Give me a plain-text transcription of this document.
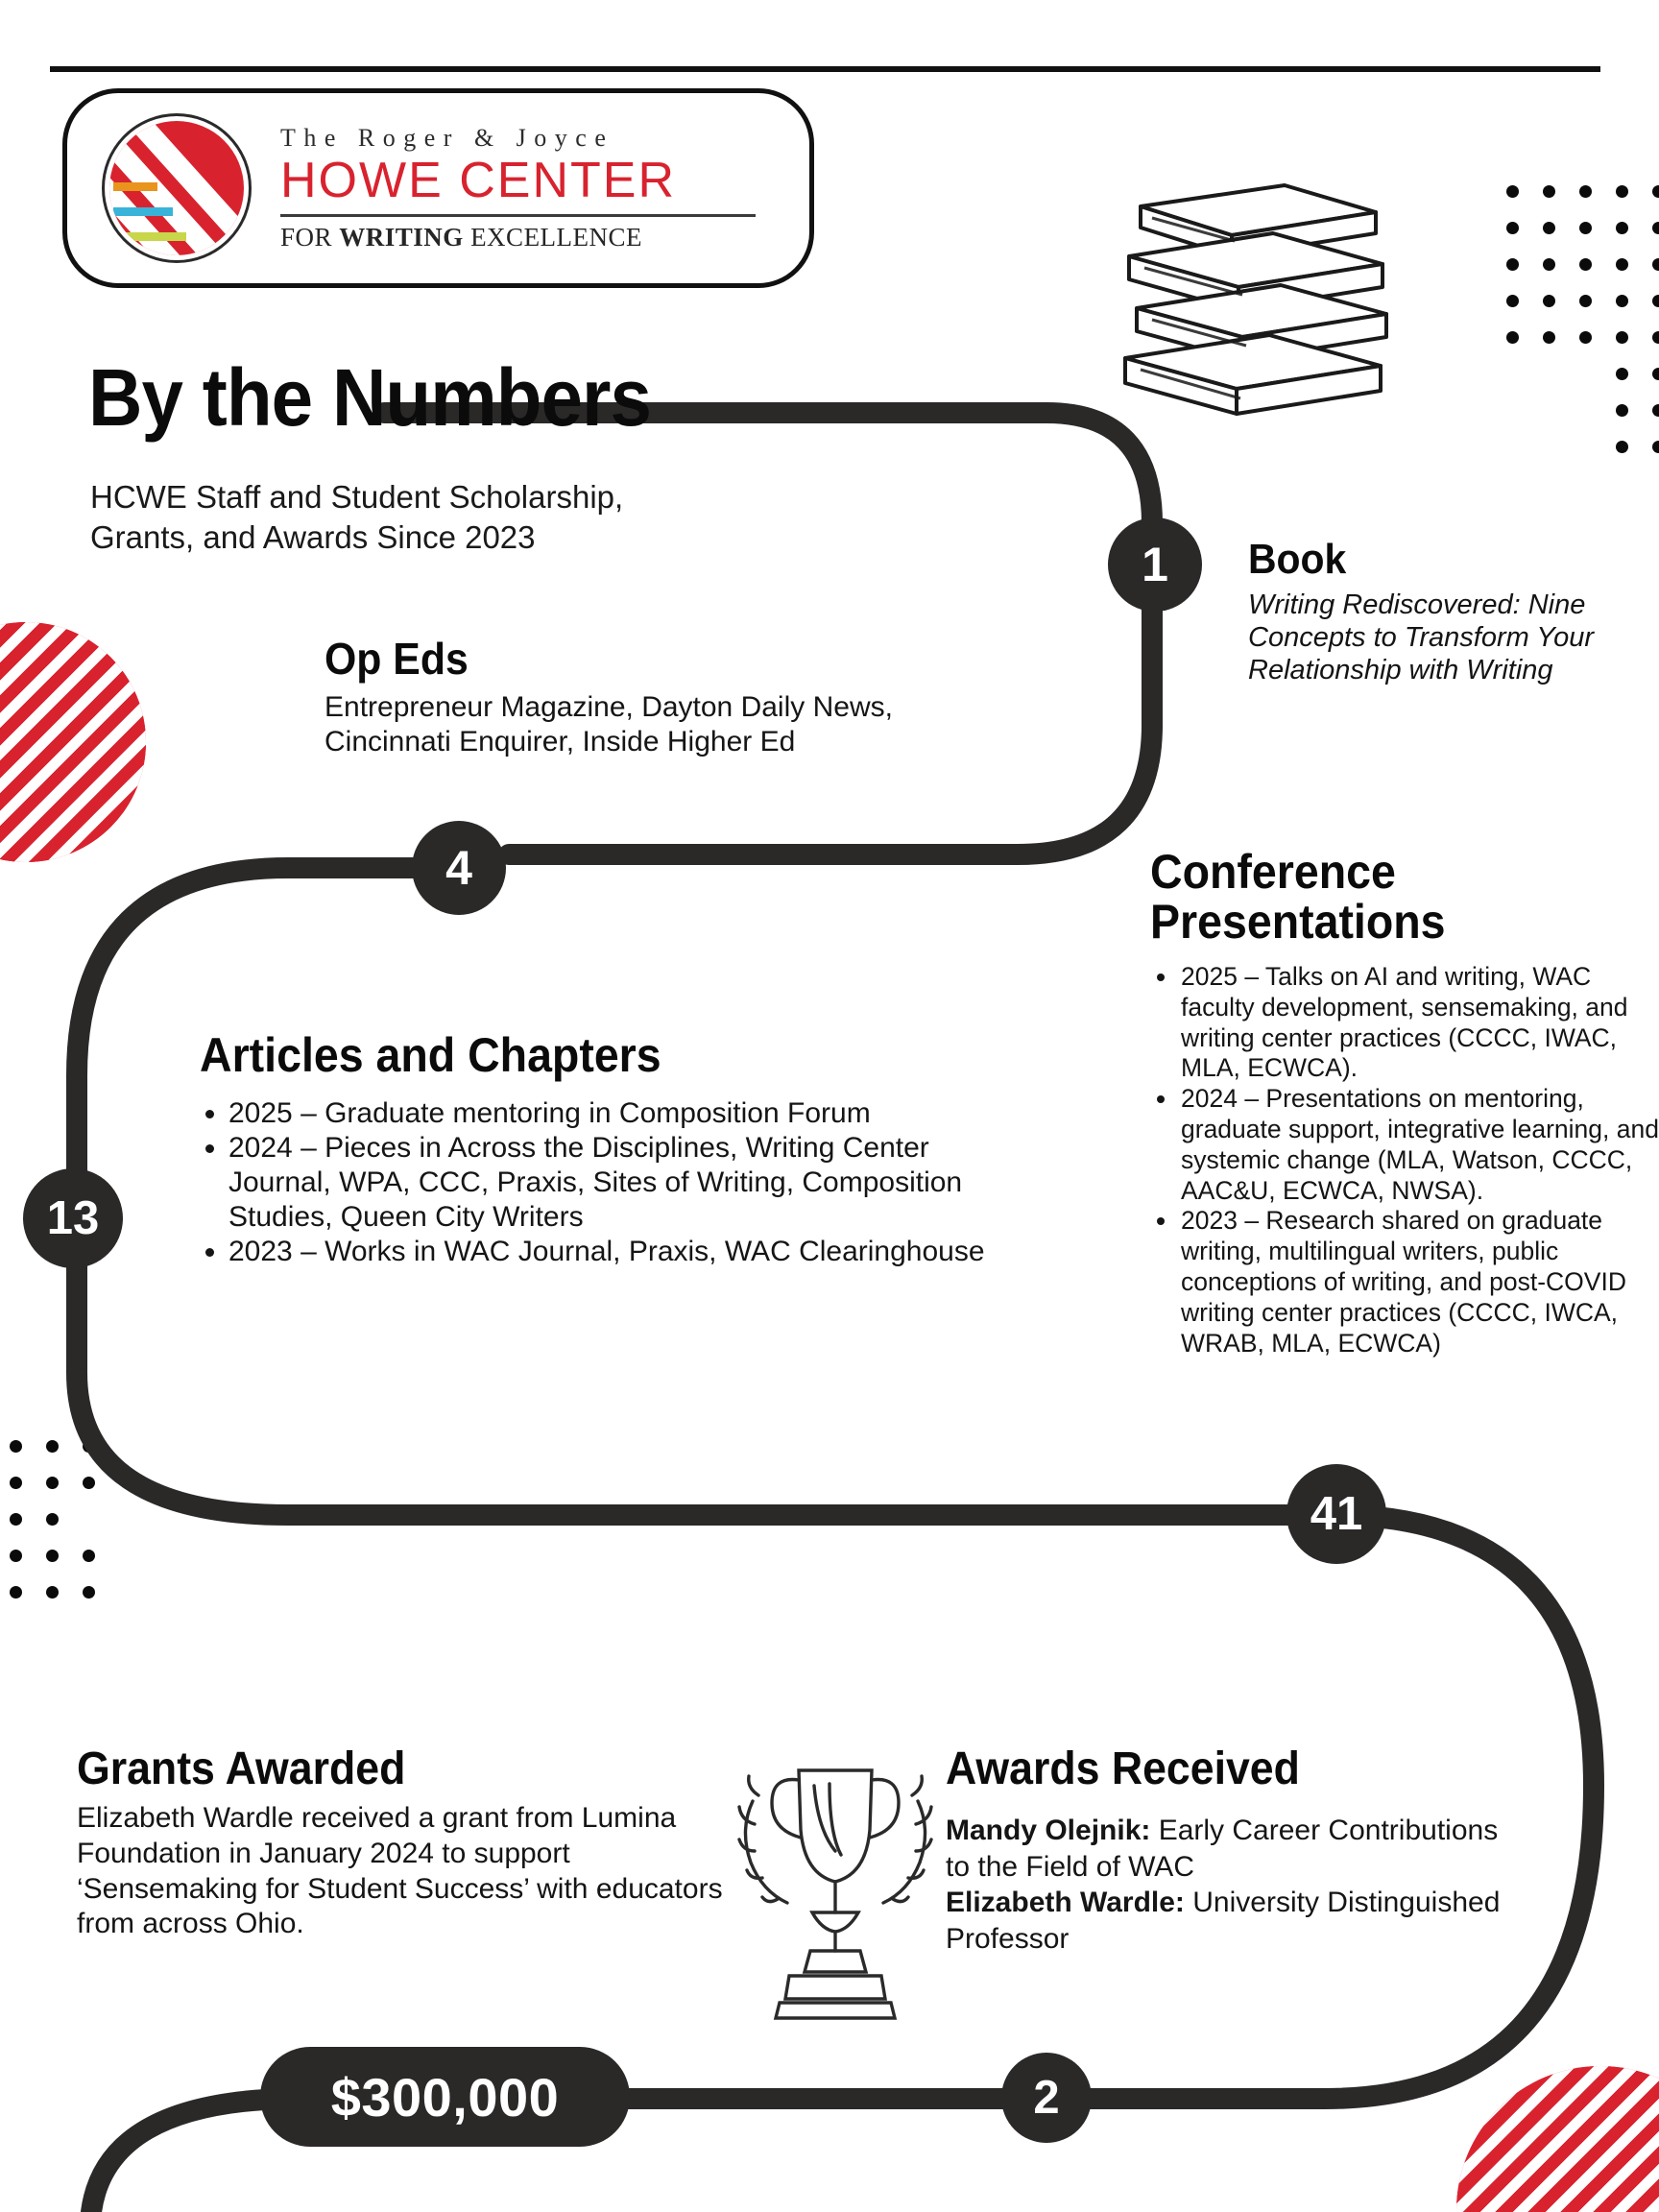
The Roger & Joyce
HOWE CENTER
FOR WRITING EXCELLENCE
By the Numbers
HCWE Staff and Student Scholarship, Grants, and Awards Since 2023
1
4
13
41
$300,000	2
Book
Writing Rediscovered: Nine Concepts to Transform Your Relationship with Writing
Op Eds
Entrepreneur Magazine, Dayton Daily News, Cincinnati Enquirer, Inside Higher Ed
Conference Presentations
• 2025 – Talks on AI and writing, WAC faculty development, sensemaking, and writing center practices (CCCC, IWAC, MLA, ECWCA).
• 2024 – Presentations on mentoring, graduate support, integrative learning, and systemic change (MLA, Watson, CCCC, AAC&U, ECWCA, NWSA).
• 2023 – Research shared on graduate writing, multilingual writers, public conceptions of writing, and post-COVID writing center practices (CCCC, IWCA, WRAB, MLA, ECWCA)
Articles and Chapters
• 2025 – Graduate mentoring in Composition Forum
• 2024 – Pieces in Across the Disciplines, Writing Center Journal, WPA, CCC, Praxis, Sites of Writing, Composition Studies, Queen City Writers
• 2023 – Works in WAC Journal, Praxis, WAC Clearinghouse
Grants Awarded
Elizabeth Wardle received a grant from Lumina Foundation in January 2024 to support ‘Sensemaking for Student Success’ with educators from across Ohio.
Awards Received
Mandy Olejnik: Early Career Contributions to the Field of WAC
Elizabeth Wardle: University Distinguished Professor
